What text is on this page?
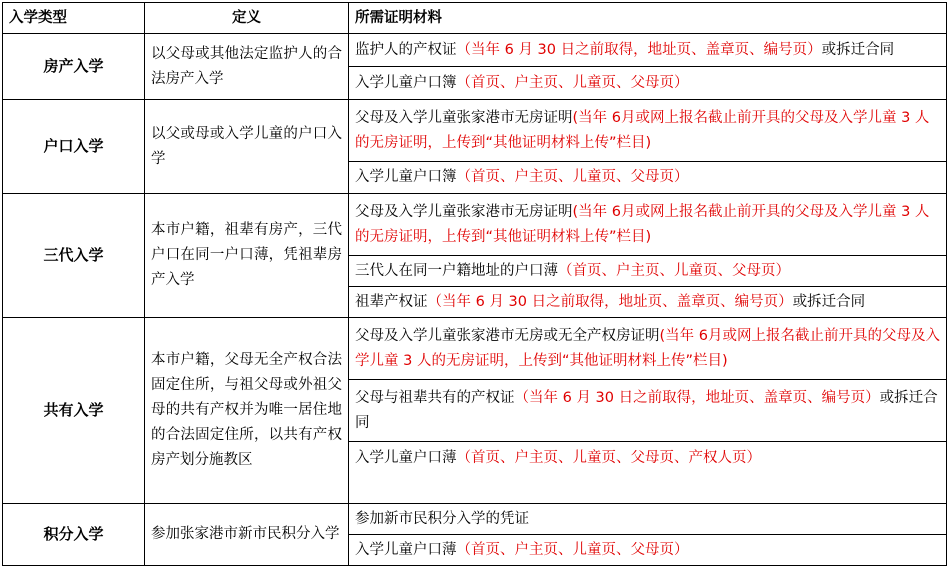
入学类型	定义	所需证明材料
房产入学	以父母或其他法定监护人的合法房产入学	监护人的产权证（当年 6 月 30 日之前取得，地址页、盖章页、编号页）或拆迁合同
		入学儿童户口簿（首页、户主页、儿童页、父母页）
户口入学	以父或母或入学儿童的户口入学	父母及入学儿童张家港市无房证明(当年 6月或网上报名截止前开具的父母及入学儿童 3 人的无房证明，上传到“其他证明材料上传”栏目)
		入学儿童户口簿（首页、户主页、儿童页、父母页）
三代入学	本市户籍，祖辈有房产，三代户口在同一户口薄，凭祖辈房产入学	父母及入学儿童张家港市无房证明(当年 6月或网上报名截止前开具的父母及入学儿童 3 人的无房证明，上传到“其他证明材料上传”栏目)
		三代人在同一户籍地址的户口薄（首页、户主页、儿童页、父母页）
		祖辈产权证（当年 6 月 30 日之前取得，地址页、盖章页、编号页）或拆迁合同
共有入学	本市户籍，父母无全产权合法固定住所，与祖父母或外祖父母的共有产权并为唯一居住地的合法固定住所，以共有产权房产划分施教区	父母及入学儿童张家港市无房或无全产权房证明(当年 6月或网上报名截止前开具的父母及入学儿童 3 人的无房证明，上传到“其他证明材料上传”栏目)
		父母与祖辈共有的产权证（当年 6 月 30 日之前取得，地址页、盖章页、编号页）或拆迁合同
		入学儿童户口薄（首页、户主页、儿童页、父母页、产权人页）
积分入学	参加张家港市新市民积分入学	参加新市民积分入学的凭证
		入学儿童户口薄（首页、户主页、儿童页、父母页）
